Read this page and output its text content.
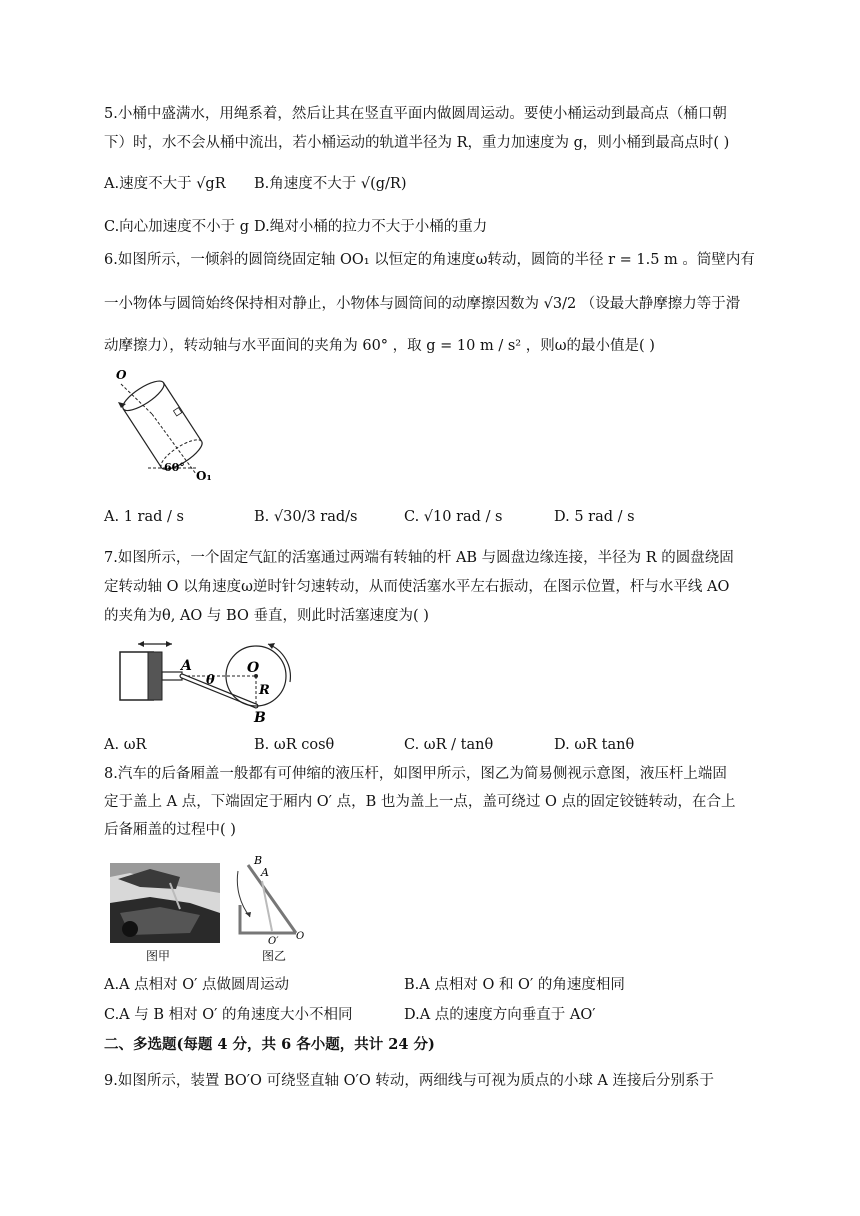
5.小桶中盛满水，用绳系着，然后让其在竖直平面内做圆周运动。要使小桶运动到最高点（桶口朝
下）时，水不会从桶中流出，若小桶运动的轨道半径为 R，重力加速度为 g，则小桶到最高点时( )
A.速度不大于 √gR B.角速度不大于 √(g/R)
C.向心加速度不小于 g D.绳对小桶的拉力不大于小桶的重力
6.如图所示，一倾斜的圆筒绕固定轴 OO₁ 以恒定的角速度ω转动，圆筒的半径 r = 1.5 m 。筒壁内有
一小物体与圆筒始终保持相对静止，小物体与圆筒间的动摩擦因数为 √3/2 （设最大静摩擦力等于滑
动摩擦力），转动轴与水平面间的夹角为 60° ，取 g = 10 m / s² ，则ω的最小值是( )
O
60°
O₁
A. 1 rad / s	B. √30/3 rad/s	C. √10 rad / s	D. 5 rad / s
7.如图所示，一个固定气缸的活塞通过两端有转轴的杆 AB 与圆盘边缘连接，半径为 R 的圆盘绕固
定转动轴 O 以角速度ω逆时针匀速转动，从而使活塞水平左右振动，在图示位置，杆与水平线 AO
的夹角为θ, AO 与 BO 垂直，则此时活塞速度为( )
A
θ
O
R
B
A. ωR	B. ωR cosθ	C. ωR / tanθ	D. ωR tanθ
8.汽车的后备厢盖一般都有可伸缩的液压杆，如图甲所示，图乙为简易侧视示意图，液压杆上端固
定于盖上 A 点，下端固定于厢内 O′ 点，B 也为盖上一点，盖可绕过 O 点的固定铰链转动，在合上
后备厢盖的过程中( )
图甲
B
A
O′ O
图乙
A.A 点相对 O′ 点做圆周运动	B.A 点相对 O 和 O′ 的角速度相同
C.A 与 B 相对 O′ 的角速度大小不相同	D.A 点的速度方向垂直于 AO′
二、多选题(每题 4 分，共 6 各小题，共计 24 分)
9.如图所示，装置 BO′O 可绕竖直轴 O′O 转动，两细线与可视为质点的小球 A 连接后分别系于
